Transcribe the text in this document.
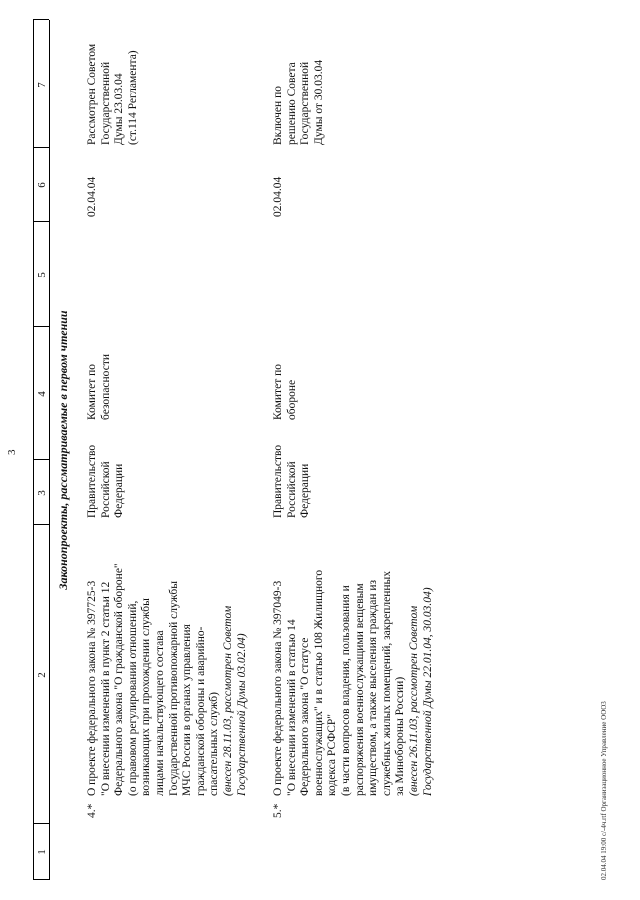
3
1
2
3
4
5
6
7
Законопроекты, рассматриваемые в первом чтении
4.*
О проекте федерального закона № 397725-3 "О внесении изменений в пункт 2 статьи 12 Федерального закона "О гражданской обороне" (о правовом регулировании отношений, возникающих при прохождении службы лицами начальствующего состава Государственной противопожарной службы МЧС России в органах управления гражданской обороны и аварийно- спасательных служб) (внесен 28.11.03, рассмотрен Советом Государственной Думы 03.02.04)
Правительство Российской Федерации
Комитет по безопасности
02.04.04
Рассмотрен Советом Государственной Думы 23.03.04 (ст.114 Регламента)
5.*
О проекте федерального закона № 397049-3 "О внесении изменений в статью 14 Федерального закона "О статусе военнослужащих" и в статью 108 Жилищного кодекса РСФСР" (в части вопросов владения, пользования и распоряжения военнослужащими вещевым имуществом, а также выселения граждан из служебных жилых помещений, закрепленных за Минобороны России) (внесен 26.11.03, рассмотрен Советом Государственной Думы 22.01.04, 30.03.04)
Правительство Российской Федерации
Комитет по обороне
02.04.04
Включен по решению Совета Государственной Думы от 30.03.04
02.04.04 19:00 с/-4ч.rtf Организационное Управление ООО3
